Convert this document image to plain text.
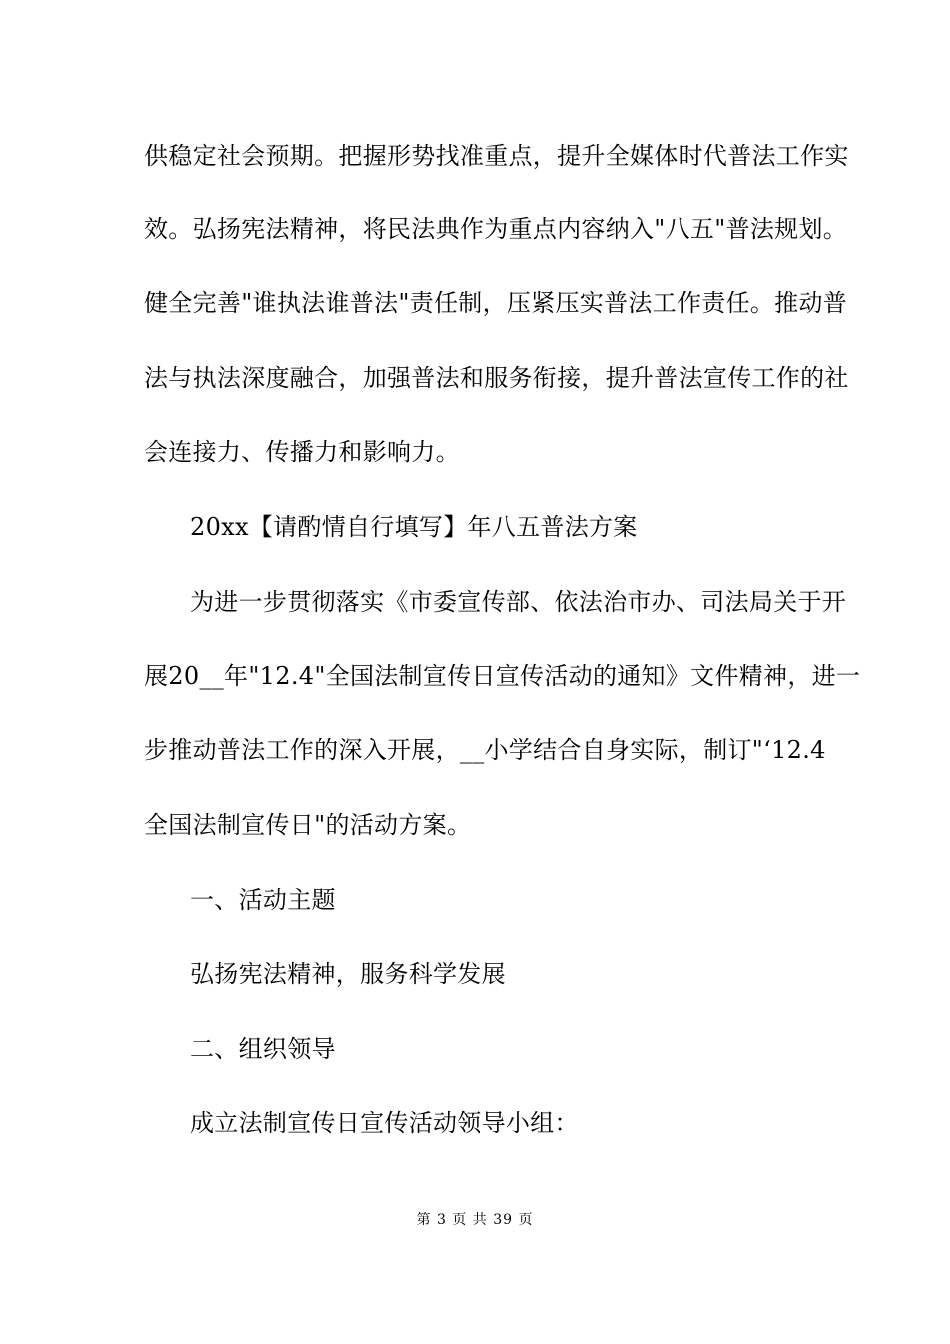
供稳定社会预期。把握形势找准重点，提升全媒体时代普法工作实
效。弘扬宪法精神，将民法典作为重点内容纳入"八五"普法规划。
健全完善"谁执法谁普法"责任制，压紧压实普法工作责任。推动普
法与执法深度融合，加强普法和服务衔接，提升普法宣传工作的社
会连接力、传播力和影响力。
20xx【请酌情自行填写】年八五普法方案
为进一步贯彻落实《市委宣传部、依法治市办、司法局关于开
展20__年"12.4"全国法制宣传日宣传活动的通知》文件精神，进一
步推动普法工作的深入开展，__小学结合自身实际，制订"‘12.4
全国法制宣传日"的活动方案。
一、活动主题
弘扬宪法精神，服务科学发展
二、组织领导
成立法制宣传日宣传活动领导小组：
第 3 页 共 39 页
